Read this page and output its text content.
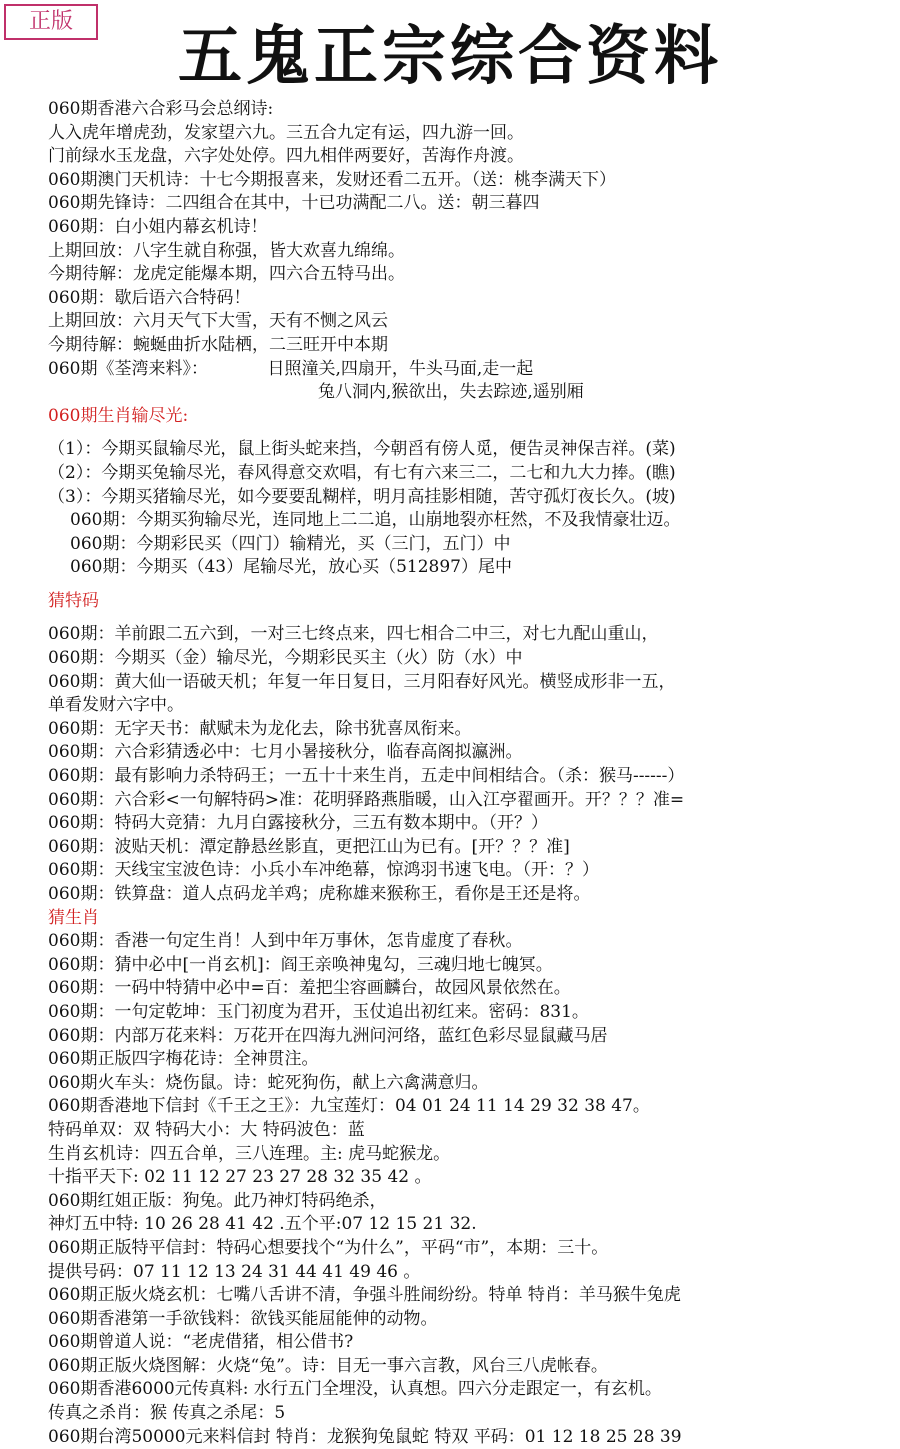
正版	五鬼正宗综合资料
060期香港六合彩马会总纲诗:
人入虎年增虎劲，发家望六九。三五合九定有运，四九游一回。
门前绿水玉龙盘，六字处处停。四九相伴两要好，苦海作舟渡。
060期澳门天机诗：十七今期报喜来，发财还看二五开。（送：桃李满天下）
060期先锋诗：二四组合在其中，十已功满配二八。送：朝三暮四
060期：白小姐内幕玄机诗！
上期回放：八字生就自称强，皆大欢喜九绵绵。
今期待解：龙虎定能爆本期，四六合五特马出。
060期：歇后语六合特码！
上期回放：六月天气下大雪，天有不恻之风云
今期待解：蜿蜒曲折水陆栖，二三旺开中本期
060期《荃湾来料》：　　　　日照潼关,四扇开，牛头马面,走一起
兔八洞内,猴欲出，失去踪迹,遥别厢
060期生肖输尽光:
（1）：今期买鼠输尽光，鼠上街头蛇来挡，今朝舀有傍人觅，便告灵神保吉祥。(菜)
（2）：今期买兔输尽光，春风得意交欢唱，有七有六来三二，二七和九大力捧。(瞧)
（3）：今期买猪输尽光，如今要要乱糊样，明月高挂影相随，苦守孤灯夜长久。(坡)
060期：今期买狗输尽光，连同地上二二追，山崩地裂亦枉然，不及我情豪壮迈。
060期：今期彩民买（四门）输精光，买（三门，五门）中
060期：今期买（43）尾输尽光，放心买（512897）尾中
猜特码
060期：羊前跟二五六到，一对三七终点来，四七相合二中三，对七九配山重山，
060期：今期买（金）输尽光，今期彩民买主（火）防（水）中
060期：黄大仙一语破天机；年复一年日复日，三月阳春好风光。横竖成形非一五，
单看发财六字中。
060期：无字天书：献赋未为龙化去，除书犹喜凤衔来。
060期：六合彩猜透必中：七月小暑接秋分，临春高阁拟瀛洲。
060期：最有影响力杀特码王；一五十十来生肖，五走中间相结合。（杀：猴马------）
060期：六合彩<一句解特码>准：花明驿路燕脂暖，山入江亭翟画开。开？？？准=
060期：特码大竞猜：九月白露接秋分，三五有数本期中。（开？）
060期：波贴天机：潭定静悬丝影直，更把江山为已有。[开？？？准]
060期：天线宝宝波色诗：小兵小车冲绝幕，惊鸿羽书速飞电。（开：？）
060期：铁算盘：道人点码龙羊鸡；虎称雄来猴称王，看你是王还是将。
猜生肖
060期：香港一句定生肖！人到中年万事休，怎肯虚度了春秋。
060期：猜中必中[一肖玄机]：阎王亲唤神鬼勾，三魂归地七魄冥。
060期：一码中特猜中必中=百：羞把尘容画麟台，故园风景依然在。
060期：一句定乾坤：玉门初度为君开，玉仗追出初红来。密码：831。
060期：内部万花来料：万花开在四海九洲问河络，蓝红色彩尽显鼠藏马居
060期正版四字梅花诗：全神贯注。
060期火车头：烧伤鼠。诗：蛇死狗伤，献上六禽满意归。
060期香港地下信封《千王之王》：九宝莲灯：04 01 24 11 14 29 32 38 47。
特码单双：双 特码大小：大 特码波色：蓝
生肖玄机诗：四五合单，三八连理。主: 虎马蛇猴龙。
十指平天下: 02 11 12 27 23 27 28 32 35 42 。
060期红姐正版：狗兔。此乃神灯特码绝杀，
神灯五中特: 10 26 28 41 42 .五个平:07 12 15 21 32.
060期正版特平信封：特码心想要找个“为什么”，平码“市”，本期：三十。
提供号码：07 11 12 13 24 31 44 41 49 46 。
060期正版火烧玄机：七嘴八舌讲不清，争强斗胜闹纷纷。特单 特肖：羊马猴牛兔虎
060期香港第一手欲钱料：欲钱买能屈能伸的动物。
060期曾道人说：“老虎借猪，相公借书?
060期正版火烧图解：火烧“兔”。诗：目无一事六言教，风台三八虎帐春。
060期香港6000元传真料: 水行五门全埋没，认真想。四六分走跟定一，有玄机。
传真之杀肖：猴 传真之杀尾：5
060期台湾50000元来料信封 特肖：龙猴狗兔鼠蛇 特双 平码：01 12 18 25 28 39
